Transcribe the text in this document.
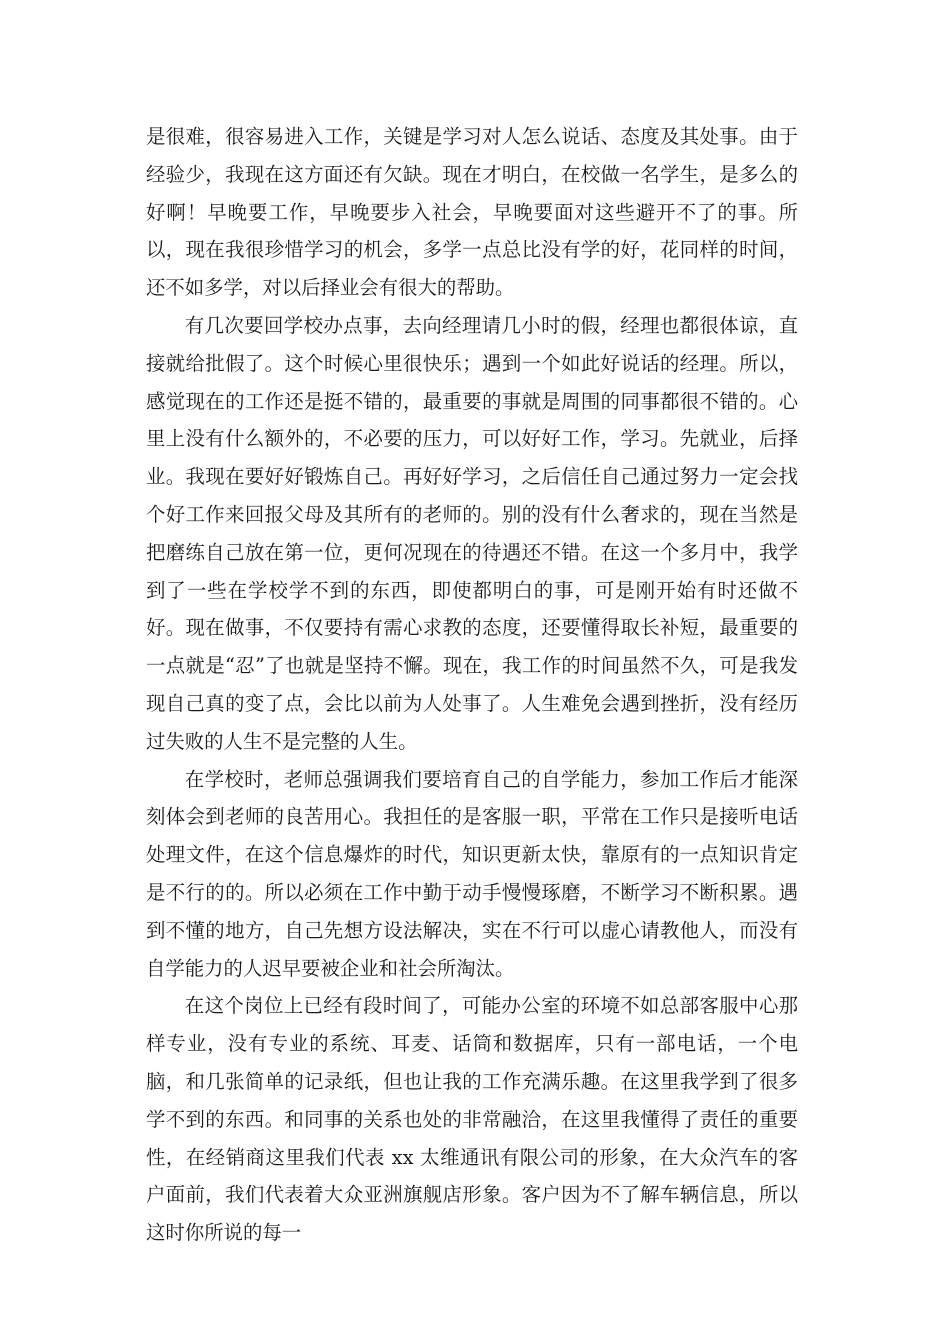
是很难，很容易进入工作，关键是学习对人怎么说话、态度及其处事。由于经验少，我现在这方面还有欠缺。现在才明白，在校做一名学生，是多么的好啊！早晚要工作，早晚要步入社会，早晚要面对这些避开不了的事。所以，现在我很珍惜学习的机会，多学一点总比没有学的好，花同样的时间，还不如多学，对以后择业会有很大的帮助。

有几次要回学校办点事，去向经理请几小时的假，经理也都很体谅，直接就给批假了。这个时候心里很快乐；遇到一个如此好说话的经理。所以，感觉现在的工作还是挺不错的，最重要的事就是周围的同事都很不错的。心里上没有什么额外的，不必要的压力，可以好好工作，学习。先就业，后择业。我现在要好好锻炼自己。再好好学习，之后信任自己通过努力一定会找个好工作来回报父母及其所有的老师的。别的没有什么奢求的，现在当然是把磨练自己放在第一位，更何况现在的待遇还不错。在这一个多月中，我学到了一些在学校学不到的东西，即使都明白的事，可是刚开始有时还做不好。现在做事，不仅要持有需心求教的态度，还要懂得取长补短，最重要的一点就是“忍”了也就是坚持不懈。现在，我工作的时间虽然不久，可是我发现自己真的变了点，会比以前为人处事了。人生难免会遇到挫折，没有经历过失败的人生不是完整的人生。

在学校时，老师总强调我们要培育自己的自学能力，参加工作后才能深刻体会到老师的良苦用心。我担任的是客服一职，平常在工作只是接听电话处理文件，在这个信息爆炸的时代，知识更新太快，靠原有的一点知识肯定是不行的的。所以必须在工作中勤于动手慢慢琢磨，不断学习不断积累。遇到不懂的地方，自己先想方设法解决，实在不行可以虚心请教他人，而没有自学能力的人迟早要被企业和社会所淘汰。

在这个岗位上已经有段时间了，可能办公室的环境不如总部客服中心那样专业，没有专业的系统、耳麦、话筒和数据库，只有一部电话，一个电脑，和几张简单的记录纸，但也让我的工作充满乐趣。在这里我学到了很多学不到的东西。和同事的关系也处的非常融洽，在这里我懂得了责任的重要性，在经销商这里我们代表 xx 太维通讯有限公司的形象，在大众汽车的客户面前，我们代表着大众亚洲旗舰店形象。客户因为不了解车辆信息，所以这时你所说的每一
